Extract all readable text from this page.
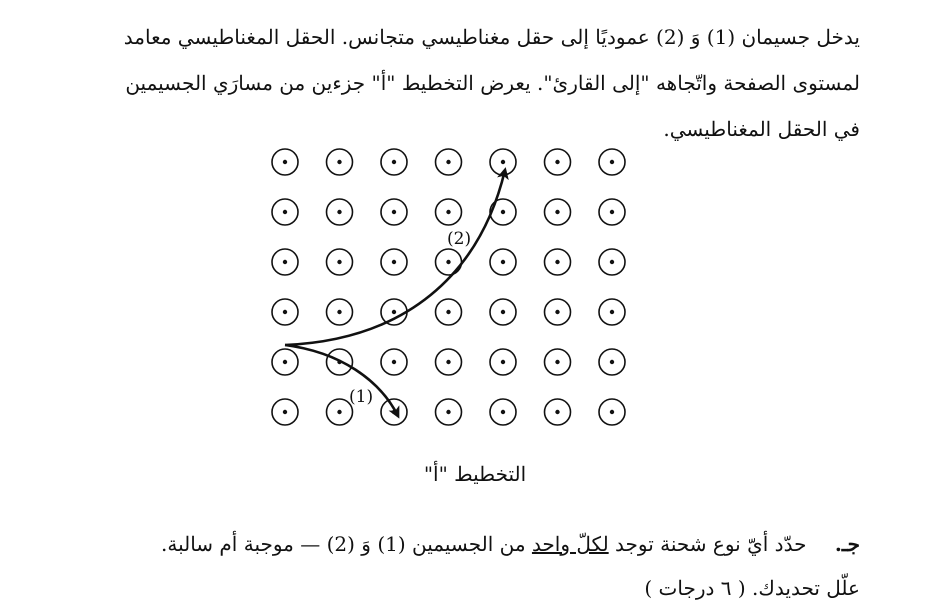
يدخل جسيمان (1) وَ (2) عموديًا إلى حقل مغناطيسي متجانس. الحقل المغناطيسي معامد
لمستوى الصفحة واتّجاهه "إلى القارئ". يعرض التخطيط "أ" جزءين من مسارَي الجسيمين
في الحقل المغناطيسي.
(2)
(1)
التخطيط "أ"
جـ. حدّد أيّ نوع شحنة توجد لكلّ واحد من الجسيمين (1) وَ (2) — موجبة أم سالبة.
علّل تحديدك. ( ٦ درجات )
